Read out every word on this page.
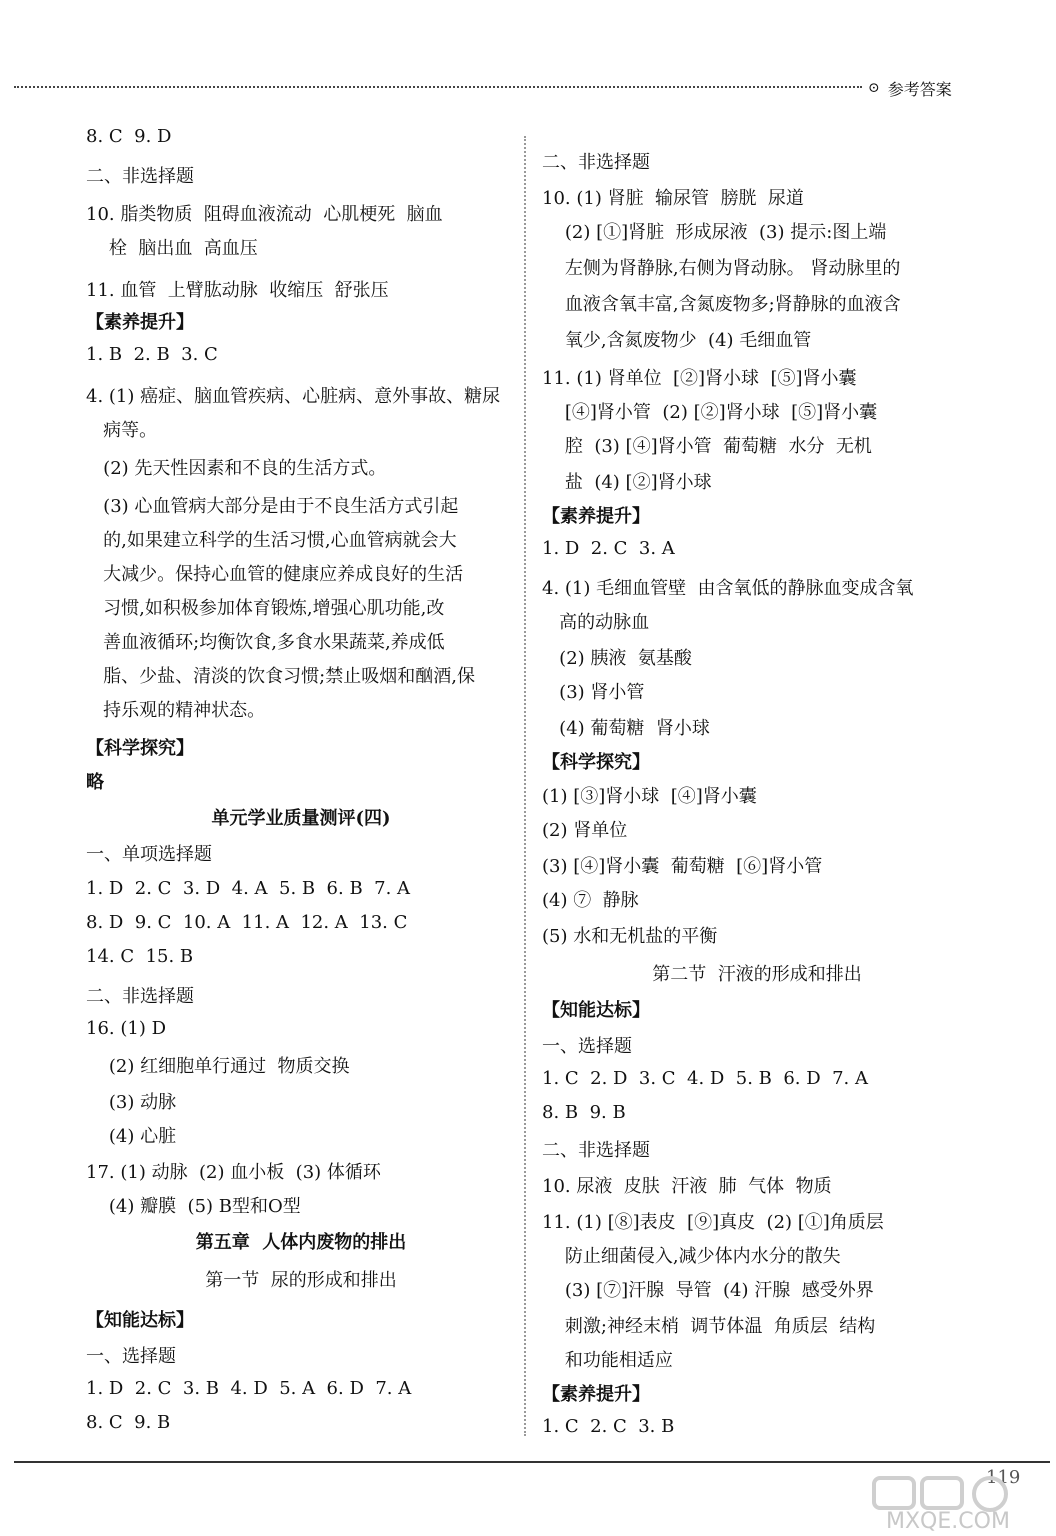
⊙ 参考答案

8. C  9. D

二、非选择题

10. 脂类物质  阻碍血液流动  心肌梗死  脑血

栓  脑出血  高血压

11. 血管  上臂肱动脉  收缩压  舒张压

【素养提升】

1. B  2. B  3. C

4. (1) 癌症、脑血管疾病、心脏病、意外事故、糖尿

病等。

(2) 先天性因素和不良的生活方式。

(3) 心血管病大部分是由于不良生活方式引起

的,如果建立科学的生活习惯,心血管病就会大

大减少。保持心血管的健康应养成良好的生活

习惯,如积极参加体育锻炼,增强心肌功能,改

善血液循环;均衡饮食,多食水果蔬菜,养成低

脂、少盐、清淡的饮食习惯;禁止吸烟和酗酒,保

持乐观的精神状态。

【科学探究】

略

单元学业质量测评(四)

一、单项选择题

1. D  2. C  3. D  4. A  5. B  6. B  7. A

8. D  9. C  10. A  11. A  12. A  13. C

14. C  15. B

二、非选择题

16. (1) D

(2) 红细胞单行通过  物质交换

(3) 动脉

(4) 心脏

17. (1) 动脉  (2) 血小板  (3) 体循环

(4) 瓣膜  (5) B型和O型

第五章  人体内废物的排出

第一节  尿的形成和排出

【知能达标】

一、选择题

1. D  2. C  3. B  4. D  5. A  6. D  7. A

8. C  9. B

二、非选择题

10. (1) 肾脏  输尿管  膀胱  尿道

(2) [①]肾脏  形成尿液  (3) 提示:图上端

左侧为肾静脉,右侧为肾动脉。 肾动脉里的

血液含氧丰富,含氮废物多;肾静脉的血液含

氧少,含氮废物少  (4) 毛细血管

11. (1) 肾单位  [②]肾小球  [⑤]肾小囊

[④]肾小管  (2) [②]肾小球  [⑤]肾小囊

腔  (3) [④]肾小管  葡萄糖  水分  无机

盐  (4) [②]肾小球

【素养提升】

1. D  2. C  3. A

4. (1) 毛细血管壁  由含氧低的静脉血变成含氧

高的动脉血

(2) 胰液  氨基酸

(3) 肾小管

(4) 葡萄糖  肾小球

【科学探究】

(1) [③]肾小球  [④]肾小囊

(2) 肾单位

(3) [④]肾小囊  葡萄糖  [⑥]肾小管

(4) ⑦  静脉

(5) 水和无机盐的平衡

第二节  汗液的形成和排出

【知能达标】

一、选择题

1. C  2. D  3. C  4. D  5. B  6. D  7. A

8. B  9. B

二、非选择题

10. 尿液  皮肤  汗液  肺  气体  物质

11. (1) [⑧]表皮  [⑨]真皮  (2) [①]角质层

防止细菌侵入,减少体内水分的散失

(3) [⑦]汗腺  导管  (4) 汗腺  感受外界

刺激;神经末梢  调节体温  角质层  结构

和功能相适应

【素养提升】

1. C  2. C  3. B

119
MXQE.COM
